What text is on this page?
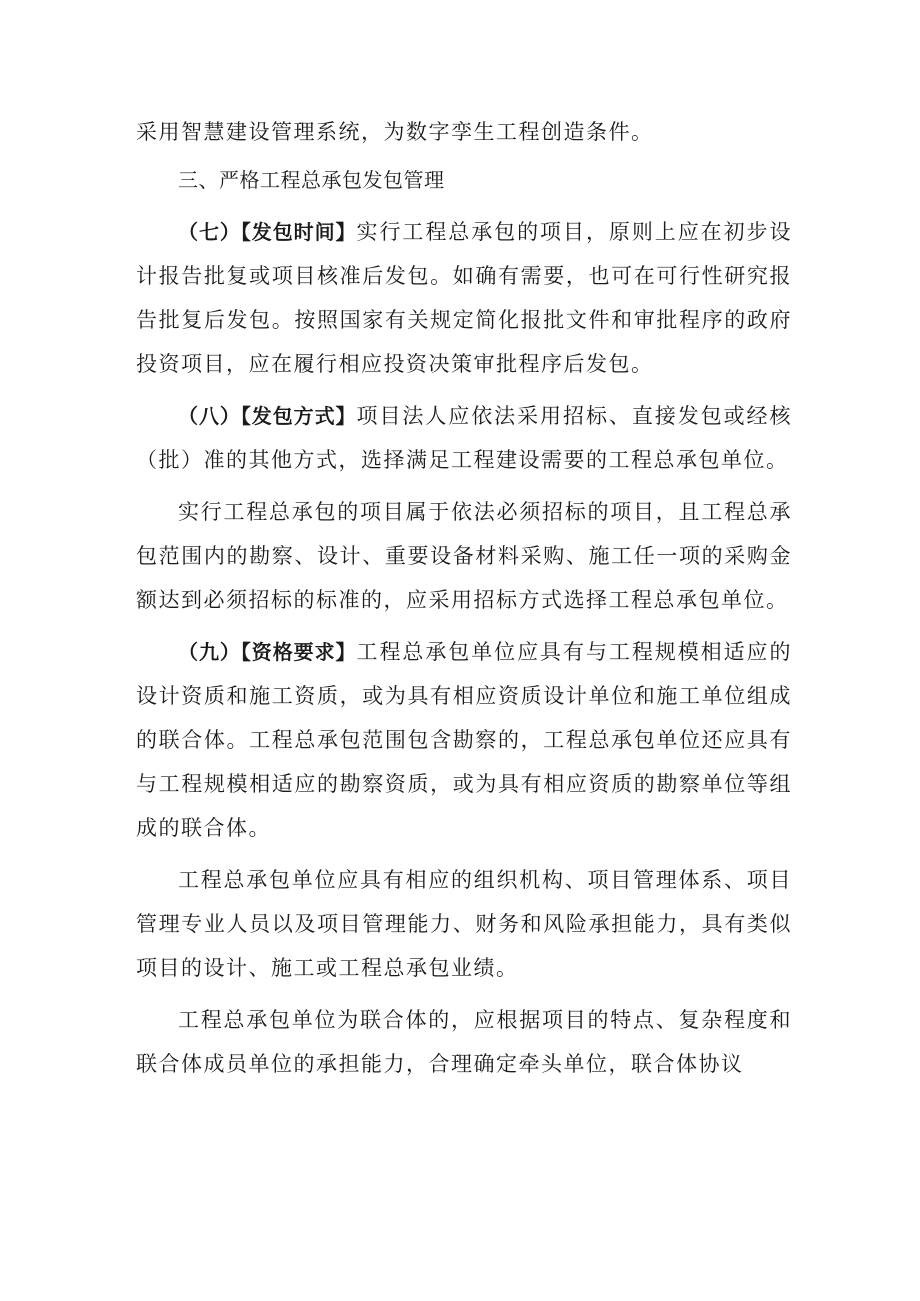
采用智慧建设管理系统，为数字孪生工程创造条件。

三、严格工程总承包发包管理

（七）【发包时间】实行工程总承包的项目，原则上应在初步设计报告批复或项目核准后发包。如确有需要，也可在可行性研究报告批复后发包。按照国家有关规定简化报批文件和审批程序的政府投资项目，应在履行相应投资决策审批程序后发包。

（八）【发包方式】项目法人应依法采用招标、直接发包或经核（批）准的其他方式，选择满足工程建设需要的工程总承包单位。

实行工程总承包的项目属于依法必须招标的项目，且工程总承包范围内的勘察、设计、重要设备材料采购、施工任一项的采购金额达到必须招标的标准的，应采用招标方式选择工程总承包单位。

（九）【资格要求】工程总承包单位应具有与工程规模相适应的设计资质和施工资质，或为具有相应资质设计单位和施工单位组成的联合体。工程总承包范围包含勘察的，工程总承包单位还应具有与工程规模相适应的勘察资质，或为具有相应资质的勘察单位等组成的联合体。

工程总承包单位应具有相应的组织机构、项目管理体系、项目管理专业人员以及项目管理能力、财务和风险承担能力，具有类似项目的设计、施工或工程总承包业绩。

工程总承包单位为联合体的，应根据项目的特点、复杂程度和联合体成员单位的承担能力，合理确定牵头单位，联合体协议
